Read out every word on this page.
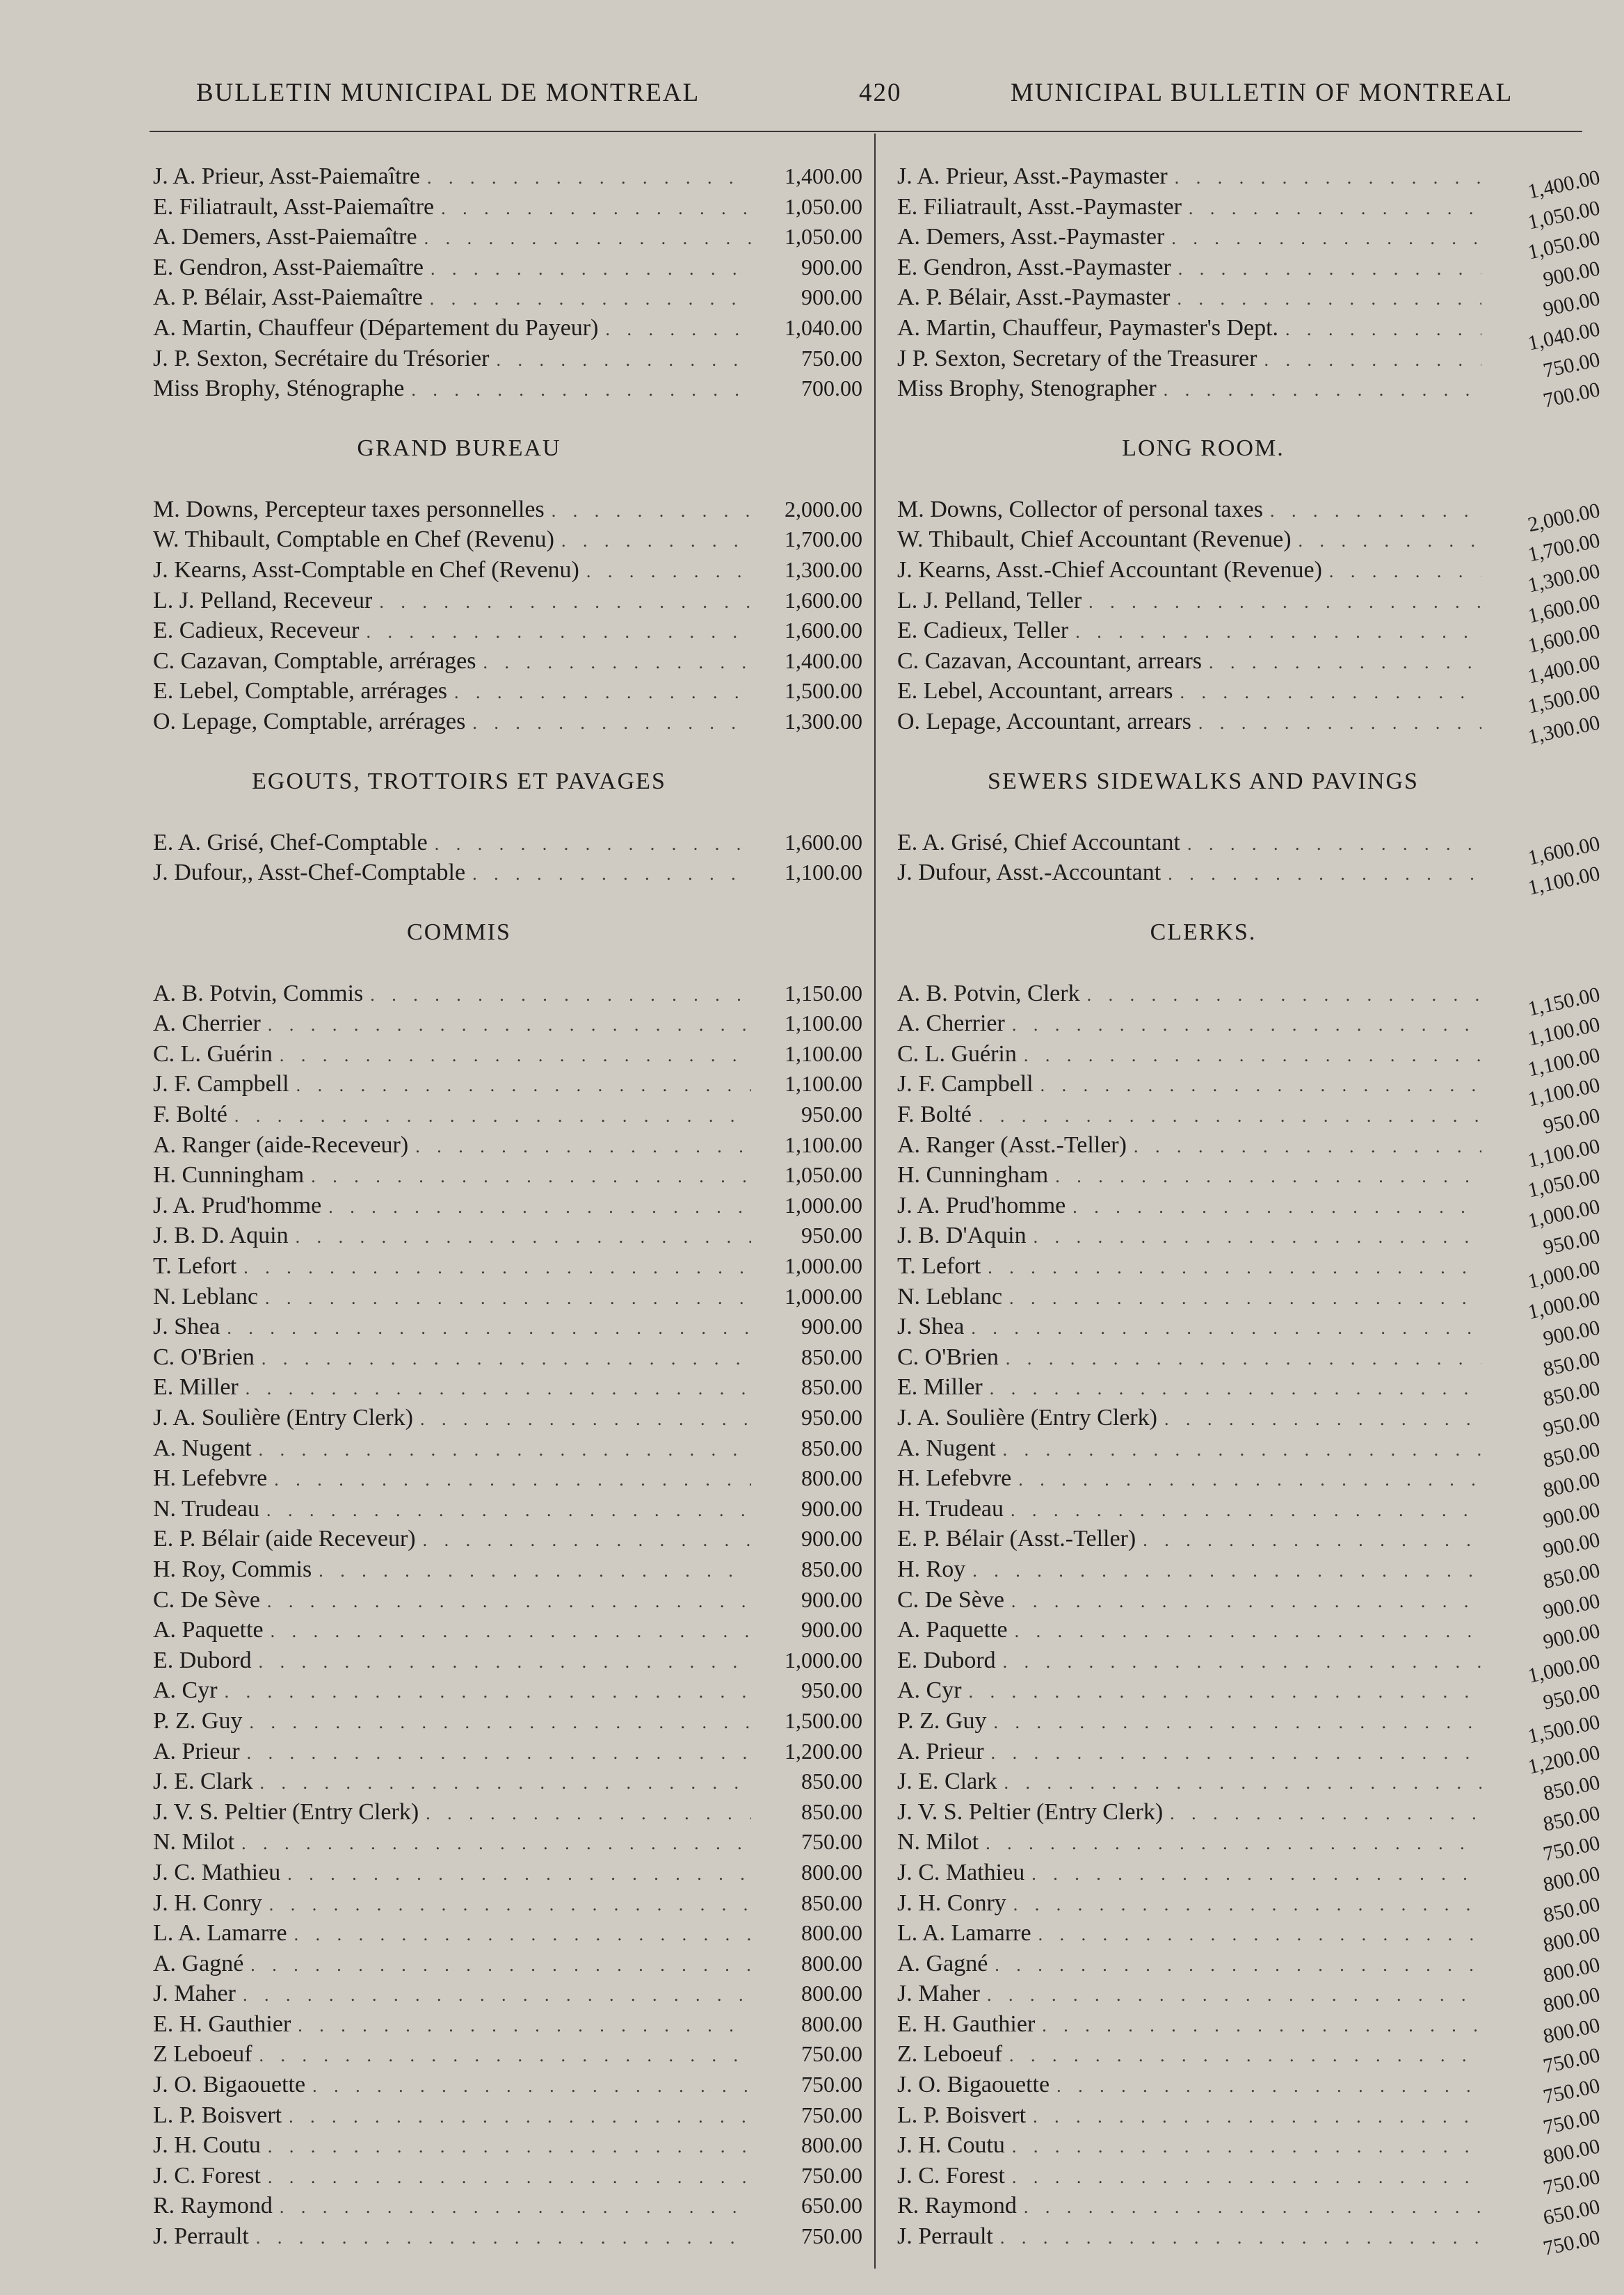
BULLETIN MUNICIPAL DE MONTREAL	420	MUNICIPAL BULLETIN OF MONTREAL
J. A. Prieur, Asst-Paiemaître . . .	1,400.00
E. Filiatrault, Asst-Paiemaître . . .	1,050.00
A. Demers, Asst-Paiemaître . . .	1,050.00
E. Gendron, Asst-Paiemaître . . .	900.00
A. P. Bélair, Asst-Paiemaître . . .	900.00
A. Martin, Chauffeur (Département du Payeur) . . .	1,040.00
J. P. Sexton, Secrétaire du Trésorier . . .	750.00
Miss Brophy, Sténographe . . .	700.00
GRAND BUREAU
M. Downs, Percepteur taxes personnelles . . .	2,000.00
W. Thibault, Comptable en Chef (Revenu) . . .	1,700.00
J. Kearns, Asst-Comptable en Chef (Revenu) . . .	1,300.00
L. J. Pelland, Receveur . . .	1,600.00
E. Cadieux, Receveur . . .	1,600.00
C. Cazavan, Comptable, arrérages . . .	1,400.00
E. Lebel, Comptable, arrérages . . .	1,500.00
O. Lepage, Comptable, arrérages . . .	1,300.00
EGOUTS, TROTTOIRS ET PAVAGES
E. A. Grisé, Chef-Comptable . . .	1,600.00
J. Dufour,, Asst-Chef-Comptable . . .	1,100.00
COMMIS
A. B. Potvin, Commis . . .	1,150.00
A. Cherrier . . .	1,100.00
C. L. Guérin . . .	1,100.00
J. F. Campbell . . .	1,100.00
F. Bolté . . .	950.00
A. Ranger (aide-Receveur) . . .	1,100.00
H. Cunningham . . .	1,050.00
J. A. Prud'homme . . .	1,000.00
J. B. D. Aquin . . .	950.00
T. Lefort . . .	1,000.00
N. Leblanc . . .	1,000.00
J. Shea . . .	900.00
C. O'Brien . . .	850.00
E. Miller . . .	850.00
J. A. Soulière (Entry Clerk) . . .	950.00
A. Nugent . . .	850.00
H. Lefebvre . . .	800.00
N. Trudeau . . .	900.00
E. P. Bélair (aide Receveur) . . .	900.00
H. Roy, Commis . . .	850.00
C. De Sève . . .	900.00
A. Paquette . . .	900.00
E. Dubord . . .	1,000.00
A. Cyr . . .	950.00
P. Z. Guy . . .	1,500.00
A. Prieur . . .	1,200.00
J. E. Clark . . .	850.00
J. V. S. Peltier (Entry Clerk) . . .	850.00
N. Milot . . .	750.00
J. C. Mathieu . . .	800.00
J. H. Conry . . .	850.00
L. A. Lamarre . . .	800.00
A. Gagné . . .	800.00
J. Maher . . .	800.00
E. H. Gauthier . . .	800.00
Z Leboeuf . . .	750.00
J. O. Bigaouette . . .	750.00
L. P. Boisvert . . .	750.00
J. H. Coutu . . .	800.00
J. C. Forest . . .	750.00
R. Raymond . . .	650.00
J. Perrault . . .	750.00
J. A. Prieur, Asst.-Paymaster . . .	1,400.00
E. Filiatrault, Asst.-Paymaster . . .	1,050.00
A. Demers, Asst.-Paymaster . . .	1,050.00
E. Gendron, Asst.-Paymaster . . .	900.00
A. P. Bélair, Asst.-Paymaster . . .	900.00
A. Martin, Chauffeur, Paymaster's Dept. . . .	1,040.00
J P. Sexton, Secretary of the Treasurer . . .	750.00
Miss Brophy, Stenographer . . .	700.00
LONG ROOM.
M. Downs, Collector of personal taxes . . .	2,000.00
W. Thibault, Chief Accountant (Revenue) . . .	1,700.00
J. Kearns, Asst.-Chief Accountant (Revenue) . . .	1,300.00
L. J. Pelland, Teller . . .	1,600.00
E. Cadieux, Teller . . .	1,600.00
C. Cazavan, Accountant, arrears . . .	1,400.00
E. Lebel, Accountant, arrears . . .	1,500.00
O. Lepage, Accountant, arrears . . .	1,300.00
SEWERS SIDEWALKS AND PAVINGS
E. A. Grisé, Chief Accountant . . .	1,600.00
J. Dufour, Asst.-Accountant . . .	1,100.00
CLERKS.
A. B. Potvin, Clerk . . .	1,150.00
A. Cherrier . . .	1,100.00
C. L. Guérin . . .	1,100.00
J. F. Campbell . . .	1,100.00
F. Bolté . . .	950.00
A. Ranger (Asst.-Teller) . . .	1,100.00
H. Cunningham . . .	1,050.00
J. A. Prud'homme . . .	1,000.00
J. B. D'Aquin . . .	950.00
T. Lefort . . .	1,000.00
N. Leblanc . . .	1,000.00
J. Shea . . .	900.00
C. O'Brien . . .	850.00
E. Miller . . .	850.00
J. A. Soulière (Entry Clerk) . . .	950.00
A. Nugent . . .	850.00
H. Lefebvre . . .	800.00
H. Trudeau . . .	900.00
E. P. Bélair (Asst.-Teller) . . .	900.00
H. Roy . . .	850.00
C. De Sève . . .	900.00
A. Paquette . . .	900.00
E. Dubord . . .	1,000.00
A. Cyr . . .	950.00
P. Z. Guy . . .	1,500.00
A. Prieur . . .	1,200.00
J. E. Clark . . .	850.00
J. V. S. Peltier (Entry Clerk) . . .	850.00
N. Milot . . .	750.00
J. C. Mathieu . . .	800.00
J. H. Conry . . .	850.00
L. A. Lamarre . . .	800.00
A. Gagné . . .	800.00
J. Maher . . .	800.00
E. H. Gauthier . . .	800.00
Z. Leboeuf . . .	750.00
J. O. Bigaouette . . .	750.00
L. P. Boisvert . . .	750.00
J. H. Coutu . . .	800.00
J. C. Forest . . .	750.00
R. Raymond . . .	650.00
J. Perrault . . .	750.00
